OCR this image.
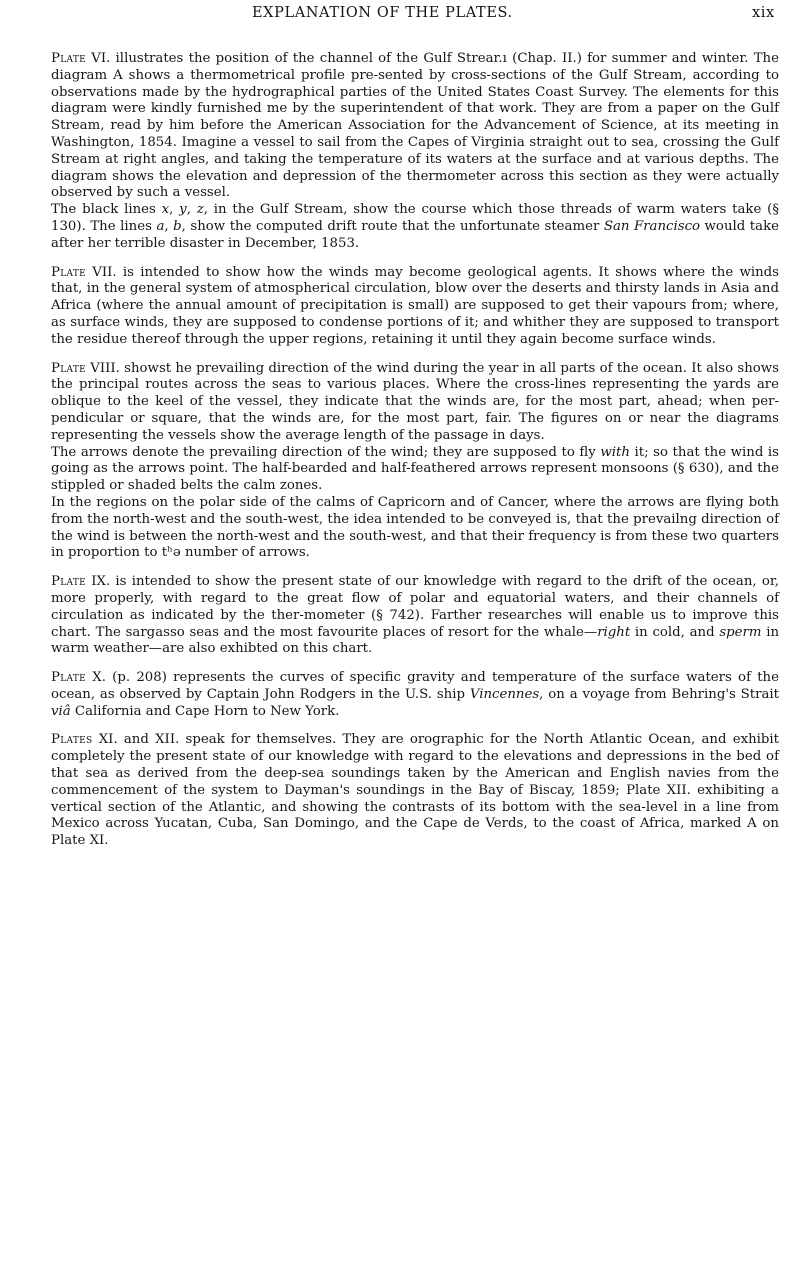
EXPLANATION OF THE PLATES.	xix

Plate VI. illustrates the position of the channel of the Gulf Strear.ı (Chap. II.) for summer and winter. The diagram A shows a thermometrical profile pre-sented by cross-sections of the Gulf Stream, according to observations made by the hydrographical parties of the United States Coast Survey. The elements for this diagram were kindly furnished me by the superintendent of that work. They are from a paper on the Gulf Stream, read by him before the American Association for the Advancement of Science, at its meeting in Washington, 1854. Imagine a vessel to sail from the Capes of Virginia straight out to sea, crossing the Gulf Stream at right angles, and taking the temperature of its waters at the surface and at various depths. The diagram shows the elevation and depression of the thermometer across this section as they were actually observed by such a vessel.

The black lines x, y, z, in the Gulf Stream, show the course which those threads of warm waters take (§ 130). The lines a, b, show the computed drift route that the unfortunate steamer San Francisco would take after her terrible disaster in December, 1853.

Plate VII. is intended to show how the winds may become geological agents. It shows where the winds that, in the general system of atmospherical circulation, blow over the deserts and thirsty lands in Asia and Africa (where the annual amount of precipitation is small) are supposed to get their vapours from; where, as surface winds, they are supposed to condense portions of it; and whither they are supposed to transport the residue thereof through the upper regions, retaining it until they again become surface winds.

Plate VIII. showst he prevailing direction of the wind during the year in all parts of the ocean. It also shows the principal routes across the seas to various places. Where the cross-lines representing the yards are oblique to the keel of the vessel, they indicate that the winds are, for the most part, ahead; when per-pendicular or square, that the winds are, for the most part, fair. The figures on or near the diagrams representing the vessels show the average length of the passage in days.

The arrows denote the prevailing direction of the wind; they are supposed to fly with it; so that the wind is going as the arrows point. The half-bearded and half-feathered arrows represent monsoons (§ 630), and the stippled or shaded belts the calm zones.

In the regions on the polar side of the calms of Capricorn and of Cancer, where the arrows are flying both from the north-west and the south-west, the idea intended to be conveyed is, that the prevailng direction of the wind is between the north-west and the south-west, and that their frequency is from these two quarters in proportion to tʰə number of arrows.

Plate IX. is intended to show the present state of our knowledge with regard to the drift of the ocean, or, more properly, with regard to the great flow of polar and equatorial waters, and their channels of circulation as indicated by the ther-mometer (§ 742). Farther researches will enable us to improve this chart. The sargasso seas and the most favourite places of resort for the whale—right in cold, and sperm in warm weather—are also exhibted on this chart.

Plate X. (p. 208) represents the curves of specific gravity and temperature of the surface waters of the ocean, as observed by Captain John Rodgers in the U.S. ship Vincennes, on a voyage from Behring's Strait viâ California and Cape Horn to New York.

Plates XI. and XII. speak for themselves. They are orographic for the North Atlantic Ocean, and exhibit completely the present state of our knowledge with regard to the elevations and depressions in the bed of that sea as derived from the deep-sea soundings taken by the American and English navies from the commencement of the system to Dayman's soundings in the Bay of Biscay, 1859; Plate XII. exhibiting a vertical section of the Atlantic, and showing the contrasts of its bottom with the sea-level in a line from Mexico across Yucatan, Cuba, San Domingo, and the Cape de Verds, to the coast of Africa, marked A on Plate XI.
